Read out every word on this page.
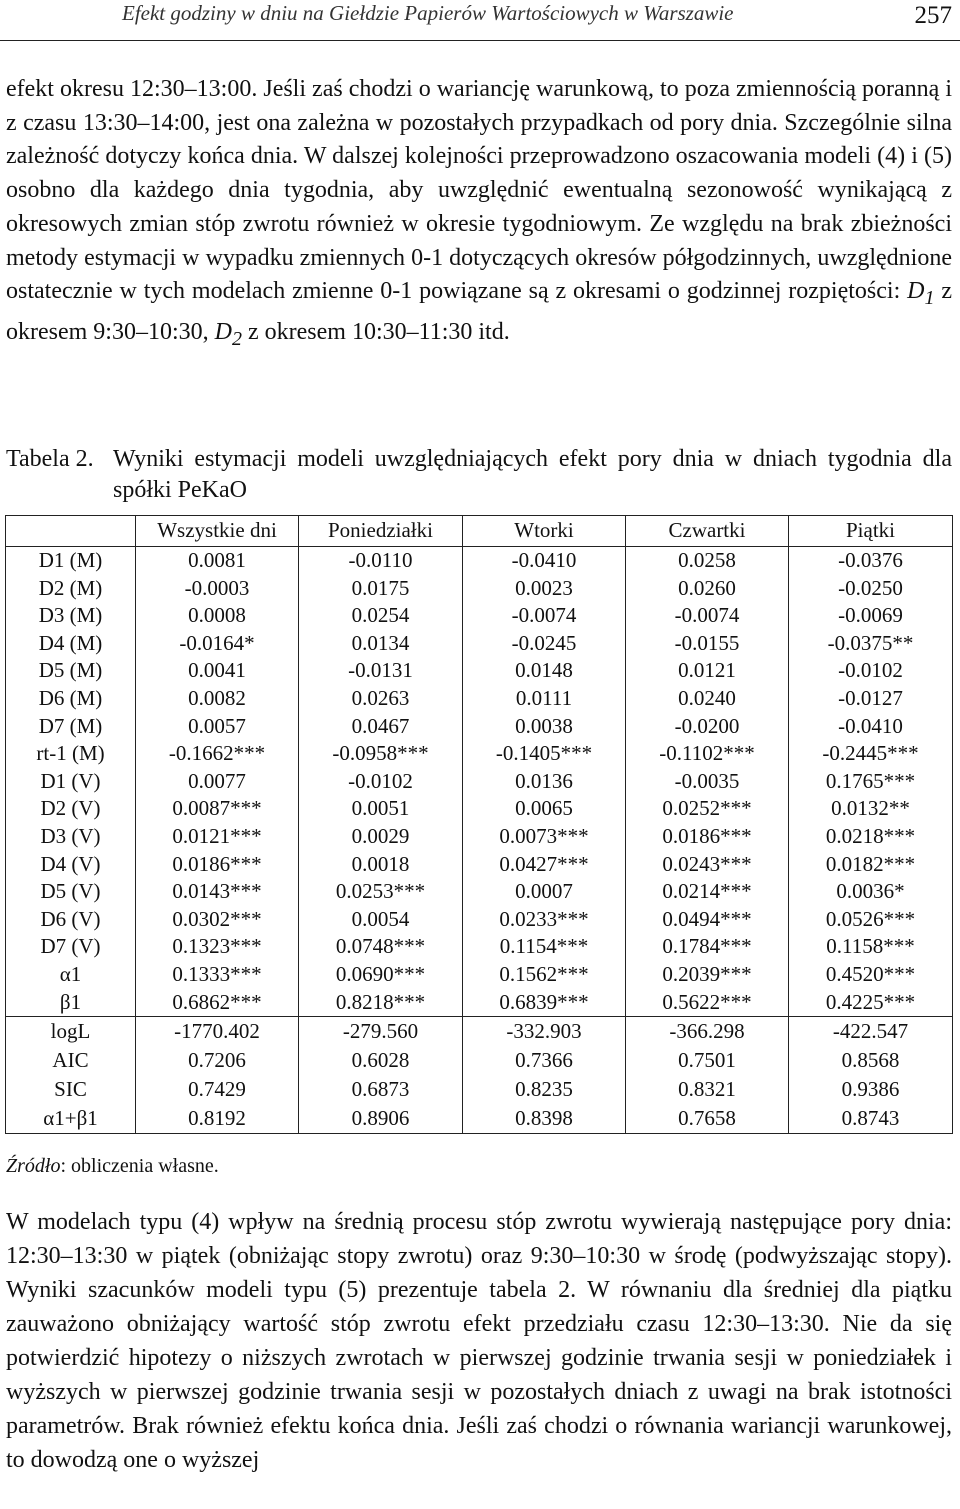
Efekt godziny w dniu na Giełdzie Papierów Wartościowych w Warszawie	257

efekt okresu 12:30–13:00. Jeśli zaś chodzi o wariancję warunkową, to poza zmiennością poranną i z czasu 13:30–14:00, jest ona zależna w pozostałych przypadkach od pory dnia. Szczególnie silna zależność dotyczy końca dnia. W dalszej kolejności przeprowadzono oszacowania modeli (4) i (5) osobno dla każdego dnia tygodnia, aby uwzględnić ewentualną sezonowość wynikającą z okresowych zmian stóp zwrotu również w okresie tygodniowym. Ze względu na brak zbieżności metody estymacji w wypadku zmiennych 0-1 dotyczących okresów półgodzinnych, uwzględnione ostatecznie w tych modelach zmienne 0-1 powiązane są z okresami o godzinnej rozpiętości: $D_1$ z okresem 9:30–10:30, $D_2$ z okresem 10:30–11:30 itd.

Tabela 2. Wyniki estymacji modeli uwzględniających efekt pory dnia w dniach tygodnia dla spółki PeKaO
	Wszystkie dni	Poniedziałki	Wtorki	Czwartki	Piątki
D1 (M)	0.0081	-0.0110	-0.0410	0.0258	-0.0376
D2 (M)	-0.0003	0.0175	0.0023	0.0260	-0.0250
D3 (M)	0.0008	0.0254	-0.0074	-0.0074	-0.0069
D4 (M)	-0.0164*	0.0134	-0.0245	-0.0155	-0.0375**
D5 (M)	0.0041	-0.0131	0.0148	0.0121	-0.0102
D6 (M)	0.0082	0.0263	0.0111	0.0240	-0.0127
D7 (M)	0.0057	0.0467	0.0038	-0.0200	-0.0410
rt-1 (M)	-0.1662***	-0.0958***	-0.1405***	-0.1102***	-0.2445***
D1 (V)	0.0077	-0.0102	0.0136	-0.0035	0.1765***
D2 (V)	0.0087***	0.0051	0.0065	0.0252***	0.0132**
D3 (V)	0.0121***	0.0029	0.0073***	0.0186***	0.0218***
D4 (V)	0.0186***	0.0018	0.0427***	0.0243***	0.0182***
D5 (V)	0.0143***	0.0253***	0.0007	0.0214***	0.0036*
D6 (V)	0.0302***	0.0054	0.0233***	0.0494***	0.0526***
D7 (V)	0.1323***	0.0748***	0.1154***	0.1784***	0.1158***
α1	0.1333***	0.0690***	0.1562***	0.2039***	0.4520***
β1	0.6862***	0.8218***	0.6839***	0.5622***	0.4225***
logL	-1770.402	-279.560	-332.903	-366.298	-422.547
AIC	0.7206	0.6028	0.7366	0.7501	0.8568
SIC	0.7429	0.6873	0.8235	0.8321	0.9386
α1+β1	0.8192	0.8906	0.8398	0.7658	0.8743
Źródło: obliczenia własne.

W modelach typu (4) wpływ na średnią procesu stóp zwrotu wywierają następujące pory dnia: 12:30–13:30 w piątek (obniżając stopy zwrotu) oraz 9:30–10:30 w środę (podwyższając stopy). Wyniki szacunków modeli typu (5) prezentuje tabela 2. W równaniu dla średniej dla piątku zauważono obniżający wartość stóp zwrotu efekt przedziału czasu 12:30–13:30. Nie da się potwierdzić hipotezy o niższych zwrotach w pierwszej godzinie trwania sesji w poniedziałek i wyższych w pierwszej godzinie trwania sesji w pozostałych dniach z uwagi na brak istotności parametrów. Brak również efektu końca dnia. Jeśli zaś chodzi o równania wariancji warunkowej, to dowodzą one o wyższej
